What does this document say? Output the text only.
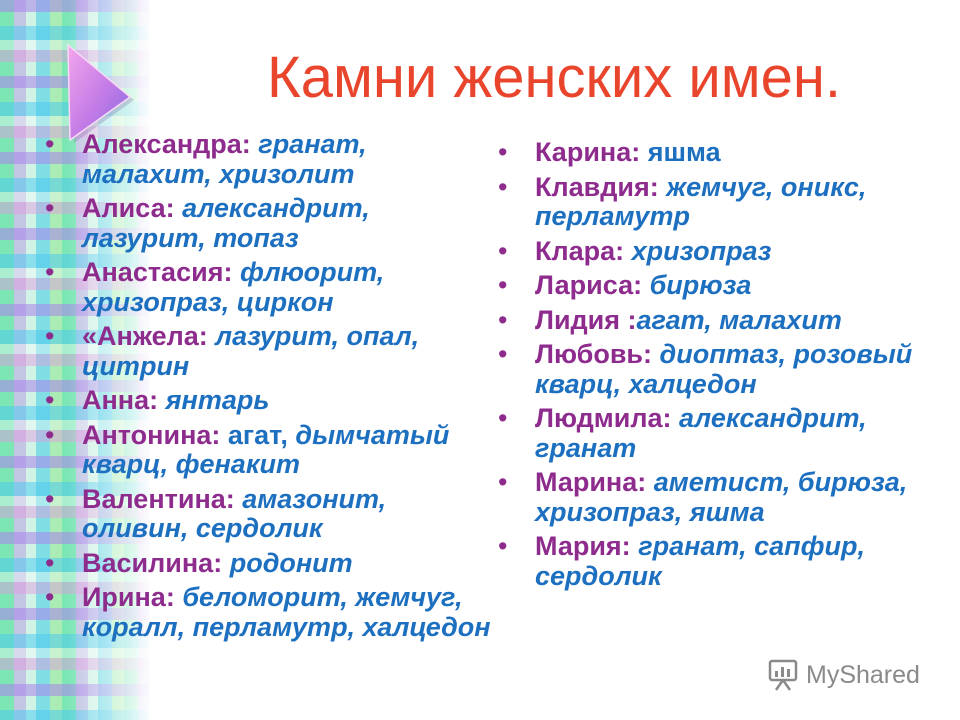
Камни женских имен.
• Александра: гранат,
малахит, хризолит
• Алиса: александрит,
лазурит, топаз
• Анастасия: флюорит,
хризопраз, циркон
• «Анжела: лазурит, опал,
цитрин
• Анна: янтарь
• Антонина: агат, дымчатый
кварц, фенакит
• Валентина: амазонит,
оливин, сердолик
• Василина: родонит
• Ирина: беломорит, жемчуг,
коралл, перламутр, халцедон
• Карина: яшма
• Клавдия: жемчуг, оникс,
перламутр
• Клара: хризопраз
• Лариса: бирюза
• Лидия :агат, малахит
• Любовь: диоптаз, розовый
кварц, халцедон
• Людмила: александрит,
гранат
• Марина: аметист, бирюза,
хризопраз, яшма
• Мария: гранат, сапфир,
сердолик
MyShared
